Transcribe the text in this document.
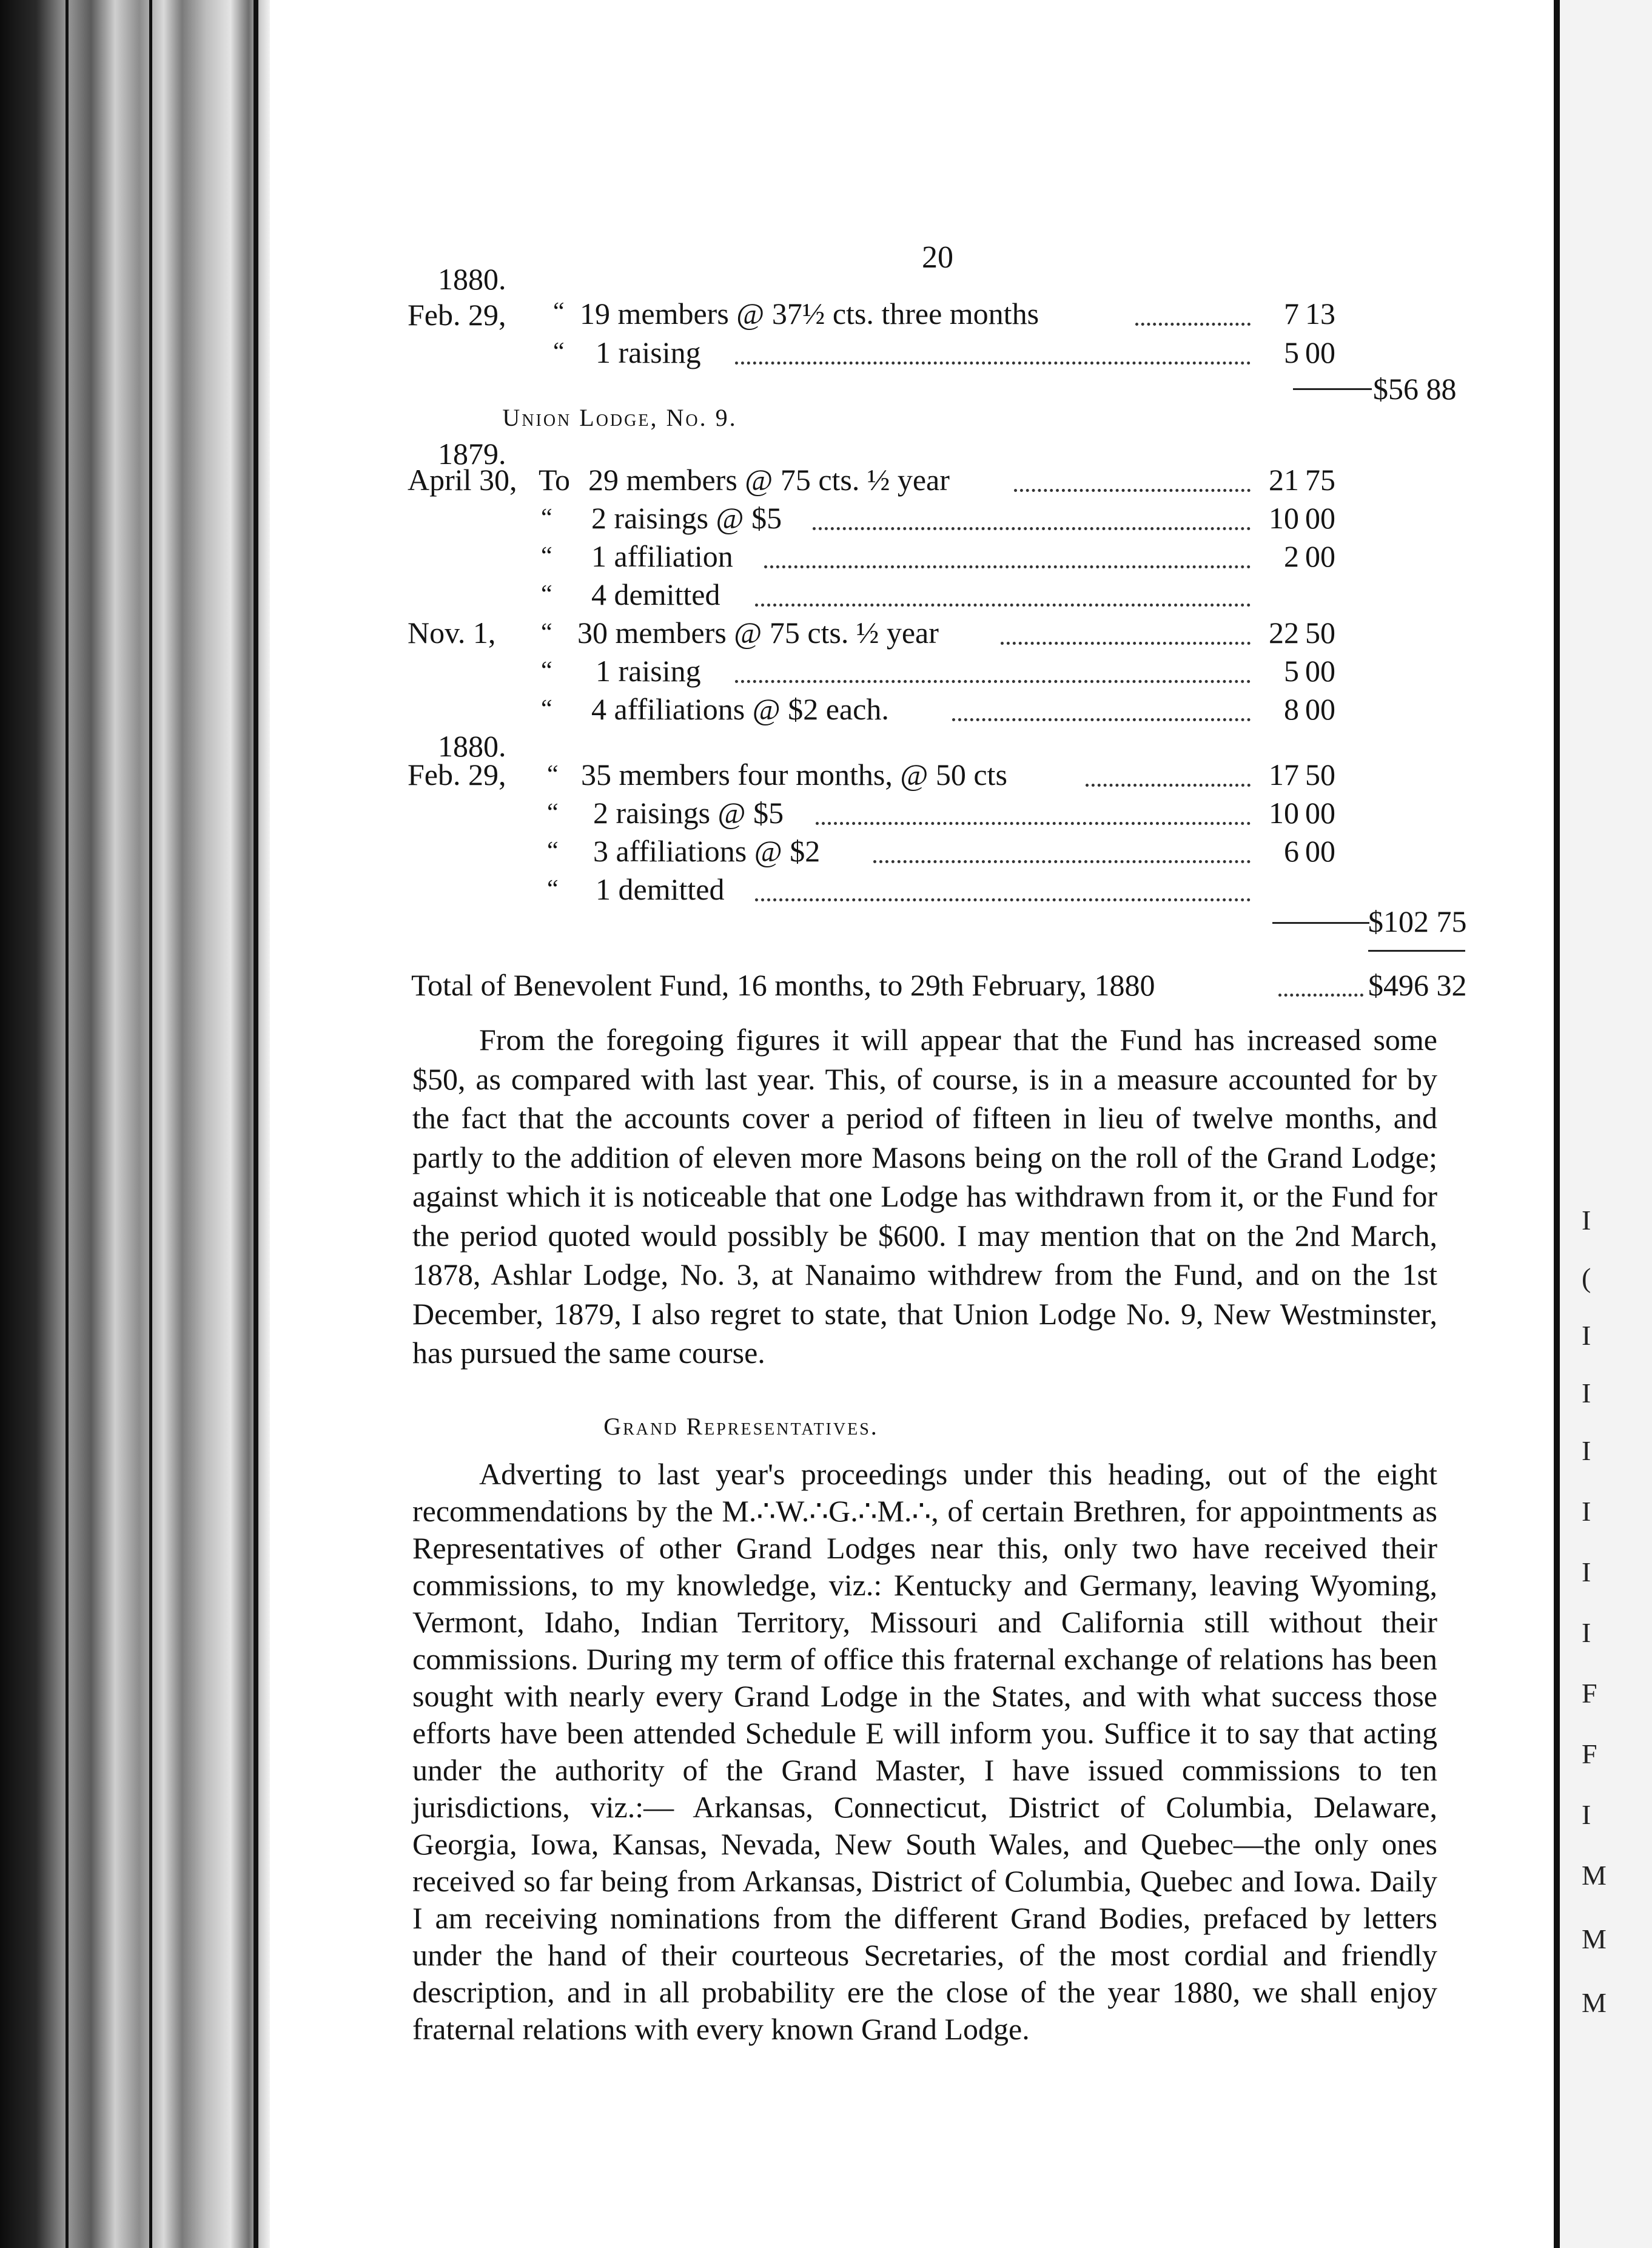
I
(
I
I
I
I
I
I
F
F
I
M
M
M
20
1880.
Feb. 29, “ 19 members @ 37½ cts. three months	7 13
“ 1 raising	5 00
$56 88
Union Lodge, No. 9.
1879.
April 30, To 29 members @ 75 cts. ½ year	21 75
“ 2 raisings @ $5	10 00
“ 1 affiliation	2 00
“ 4 demitted
Nov. 1, “ 30 members @ 75 cts. ½ year	22 50
“ 1 raising	5 00
“ 4 affiliations @ $2 each.	8 00
1880.
Feb. 29, “ 35 members four months, @ 50 cts	17 50
“ 2 raisings @ $5	10 00
“ 3 affiliations @ $2	6 00
“ 1 demitted
$102 75
Total of Benevolent Fund, 16 months, to 29th February, 1880	$496 32

From the foregoing figures it will appear that the Fund has increased some $50, as compared with last year. This, of course, is in a measure accounted for by the fact that the accounts cover a period of fifteen in lieu of twelve months, and partly to the addition of eleven more Masons being on the roll of the Grand Lodge; against which it is noticeable that one Lodge has withdrawn from it, or the Fund for the period quoted would possibly be $600. I may mention that on the 2nd March, 1878, Ashlar Lodge, No. 3, at Nanaimo withdrew from the Fund, and on the 1st December, 1879, I also regret to state, that Union Lodge No. 9, New Westminster, has pursued the same course.

Grand Representatives.

Adverting to last year's proceedings under this heading, out of the eight recommendations by the M.∴W.∴G.∴M.∴, of certain Brethren, for appointments as Representatives of other Grand Lodges near this, only two have received their commissions, to my knowledge, viz.: Kentucky and Germany, leaving Wyoming, Vermont, Idaho, Indian Territory, Missouri and California still without their commissions. During my term of office this fraternal exchange of relations has been sought with nearly every Grand Lodge in the States, and with what success those efforts have been attended Schedule E will inform you. Suffice it to say that acting under the authority of the Grand Master, I have issued commissions to ten jurisdictions, viz.:— Arkansas, Connecticut, District of Columbia, Delaware, Georgia, Iowa, Kansas, Nevada, New South Wales, and Quebec—the only ones received so far being from Arkansas, District of Columbia, Quebec and Iowa. Daily I am receiving nominations from the different Grand Bodies, prefaced by letters under the hand of their courteous Secretaries, of the most cordial and friendly description, and in all probability ere the close of the year 1880, we shall enjoy fraternal relations with every known Grand Lodge.
